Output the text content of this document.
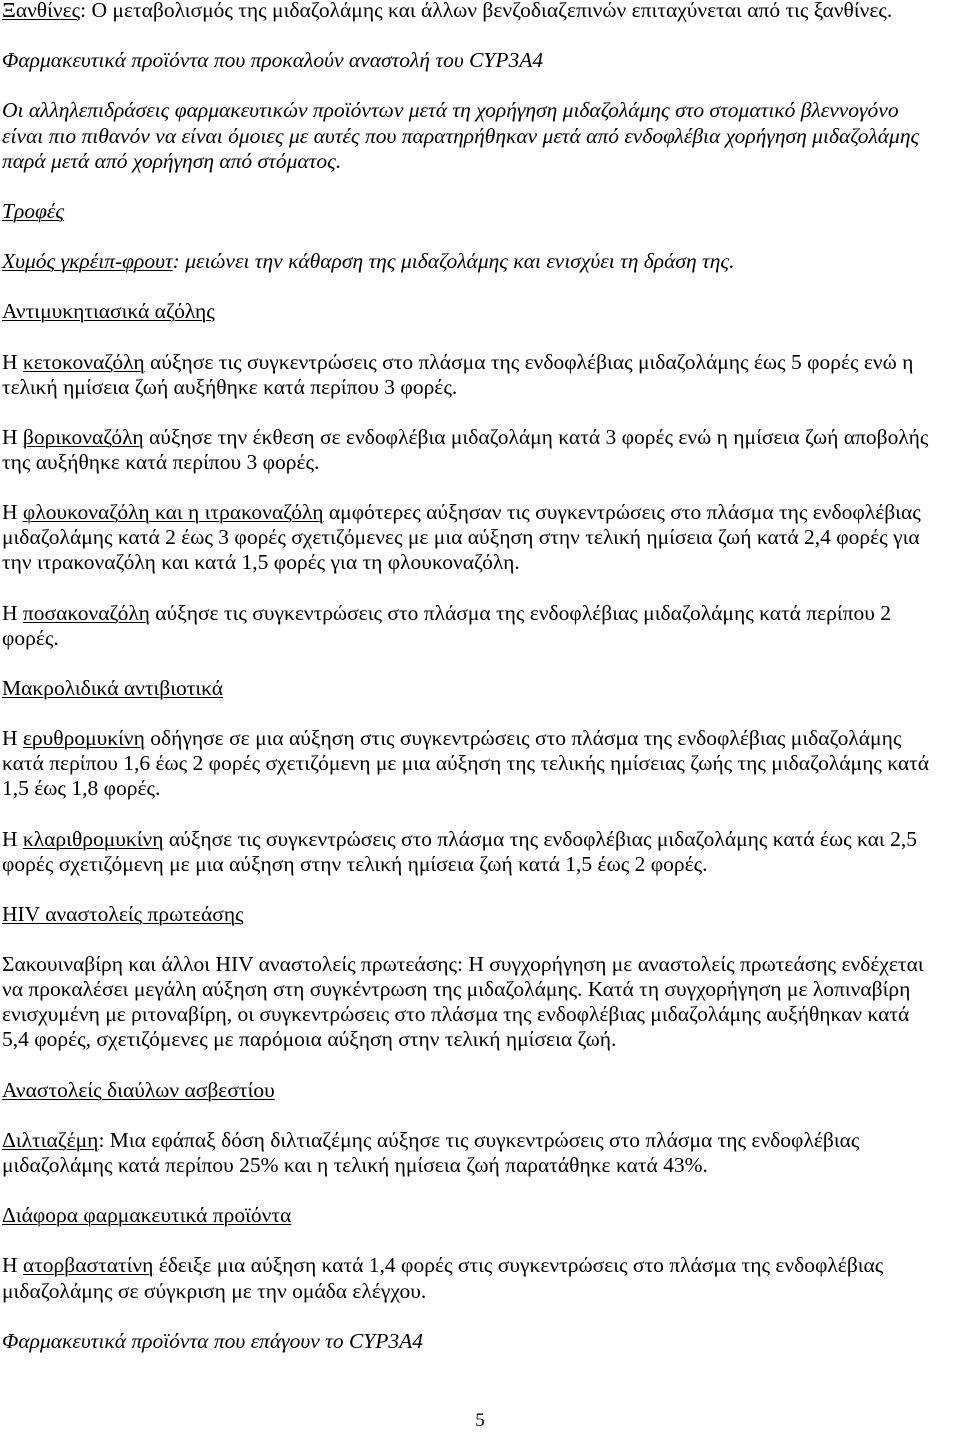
Ξανθίνες: Ο μεταβολισμός της μιδαζολάμης και άλλων βενζοδιαζεπινών επιταχύνεται από τις ξανθίνες.
Φαρμακευτικά προϊόντα που προκαλούν αναστολή του CYP3A4
Οι αλληλεπιδράσεις φαρμακευτικών προϊόντων μετά τη χορήγηση μιδαζολάμης στο στοματικό βλεννογόνο
είναι πιο πιθανόν να είναι όμοιες με αυτές που παρατηρήθηκαν μετά από ενδοφλέβια χορήγηση μιδαζολάμης
παρά μετά από χορήγηση από στόματος.
Τροφές
Χυμός γκρέιπ-φρουτ: μειώνει την κάθαρση της μιδαζολάμης και ενισχύει τη δράση της.
Αντιμυκητιασικά αζόλης
Η κετοκοναζόλη αύξησε τις συγκεντρώσεις στο πλάσμα της ενδοφλέβιας μιδαζολάμης έως 5 φορές ενώ η
τελική ημίσεια ζωή αυξήθηκε κατά περίπου 3 φορές.
Η βορικοναζόλη αύξησε την έκθεση σε ενδοφλέβια μιδαζολάμη κατά 3 φορές ενώ η ημίσεια ζωή αποβολής
της αυξήθηκε κατά περίπου 3 φορές.
Η φλουκοναζόλη και η ιτρακοναζόλη αμφότερες αύξησαν τις συγκεντρώσεις στο πλάσμα της ενδοφλέβιας
μιδαζολάμης κατά 2 έως 3 φορές σχετιζόμενες με μια αύξηση στην τελική ημίσεια ζωή κατά 2,4 φορές για
την ιτρακοναζόλη και κατά 1,5 φορές για τη φλουκοναζόλη.
Η ποσακοναζόλη αύξησε τις συγκεντρώσεις στο πλάσμα της ενδοφλέβιας μιδαζολάμης κατά περίπου 2
φορές.
Μακρολιδικά αντιβιοτικά
Η ερυθρομυκίνη οδήγησε σε μια αύξηση στις συγκεντρώσεις στο πλάσμα της ενδοφλέβιας μιδαζολάμης
κατά περίπου 1,6 έως 2 φορές σχετιζόμενη με μια αύξηση της τελικής ημίσειας ζωής της μιδαζολάμης κατά
1,5 έως 1,8 φορές.
Η κλαριθρομυκίνη αύξησε τις συγκεντρώσεις στο πλάσμα της ενδοφλέβιας μιδαζολάμης κατά έως και 2,5
φορές σχετιζόμενη με μια αύξηση στην τελική ημίσεια ζωή κατά 1,5 έως 2 φορές.
HIV αναστολείς πρωτεάσης
Σακουιναβίρη και άλλοι HIV αναστολείς πρωτεάσης: Η συγχορήγηση με αναστολείς πρωτεάσης ενδέχεται
να προκαλέσει μεγάλη αύξηση στη συγκέντρωση της μιδαζολάμης. Κατά τη συγχορήγηση με λοπιναβίρη
ενισχυμένη με ριτοναβίρη, οι συγκεντρώσεις στο πλάσμα της ενδοφλέβιας μιδαζολάμης αυξήθηκαν κατά
5,4 φορές, σχετιζόμενες με παρόμοια αύξηση στην τελική ημίσεια ζωή.
Αναστολείς διαύλων ασβεστίου
Διλτιαζέμη: Μια εφάπαξ δόση διλτιαζέμης αύξησε τις συγκεντρώσεις στο πλάσμα της ενδοφλέβιας
μιδαζολάμης κατά περίπου 25% και η τελική ημίσεια ζωή παρατάθηκε κατά 43%.
Διάφορα φαρμακευτικά προϊόντα
Η ατορβαστατίνη έδειξε μια αύξηση κατά 1,4 φορές στις συγκεντρώσεις στο πλάσμα της ενδοφλέβιας
μιδαζολάμης σε σύγκριση με την ομάδα ελέγχου.
Φαρμακευτικά προϊόντα που επάγουν το CYP3A4
5
